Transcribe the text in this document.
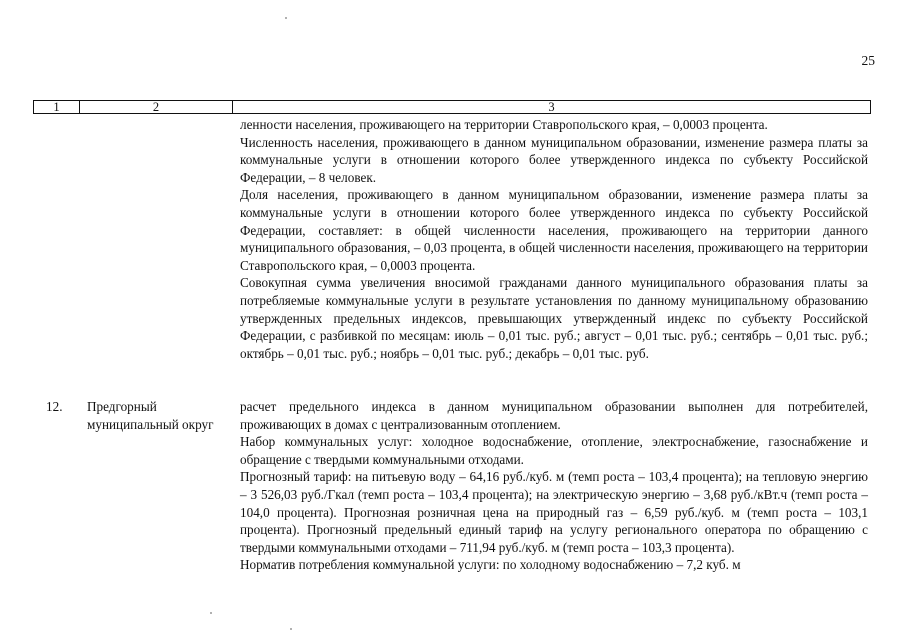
25
1	2	3

ленности населения, проживающего на территории Ставропольского края, – 0,0003 процента.

Численность населения, проживающего в данном муниципальном образовании, изменение размера платы за коммунальные услуги в отношении которого более утвержденного индекса по субъекту Российской Федерации, – 8 человек.

Доля населения, проживающего в данном муниципальном образовании, изменение размера платы за коммунальные услуги в отношении которого более утвержденного индекса по субъекту Российской Федерации, составляет: в общей численности населения, проживающего на территории данного муниципального образования, – 0,03 процента, в общей численности населения, проживающего на территории Ставропольского края, – 0,0003 процента.

Совокупная сумма увеличения вносимой гражданами данного муниципального образования платы за потребляемые коммунальные услуги в результате установления по данному муниципальному образованию утвержденных предельных индексов, превышающих утвержденный индекс по субъекту Российской Федерации, с разбивкой по месяцам: июль – 0,01 тыс. руб.; август – 0,01 тыс. руб.; сентябрь – 0,01 тыс. руб.; октябрь – 0,01 тыс. руб.; ноябрь – 0,01 тыс. руб.; декабрь – 0,01 тыс. руб.

12. Предгорный муниципальный округ

расчет предельного индекса в данном муниципальном образовании выполнен для потребителей, проживающих в домах с централизованным отоплением.

Набор коммунальных услуг: холодное водоснабжение, отопление, электроснабжение, газоснабжение и обращение с твердыми коммунальными отходами.

Прогнозный тариф: на питьевую воду – 64,16 руб./куб. м (темп роста – 103,4 процента); на тепловую энергию – 3 526,03 руб./Гкал (темп роста – 103,4 процента); на электрическую энергию – 3,68 руб./кВт.ч (темп роста – 104,0 процента). Прогнозная розничная цена на природный газ – 6,59 руб./куб. м (темп роста – 103,1 процента). Прогнозный предельный единый тариф на услугу регионального оператора по обращению с твердыми коммунальными отходами – 711,94 руб./куб. м (темп роста – 103,3 процента).

Норматив потребления коммунальной услуги: по холодному водоснабжению – 7,2 куб. м
